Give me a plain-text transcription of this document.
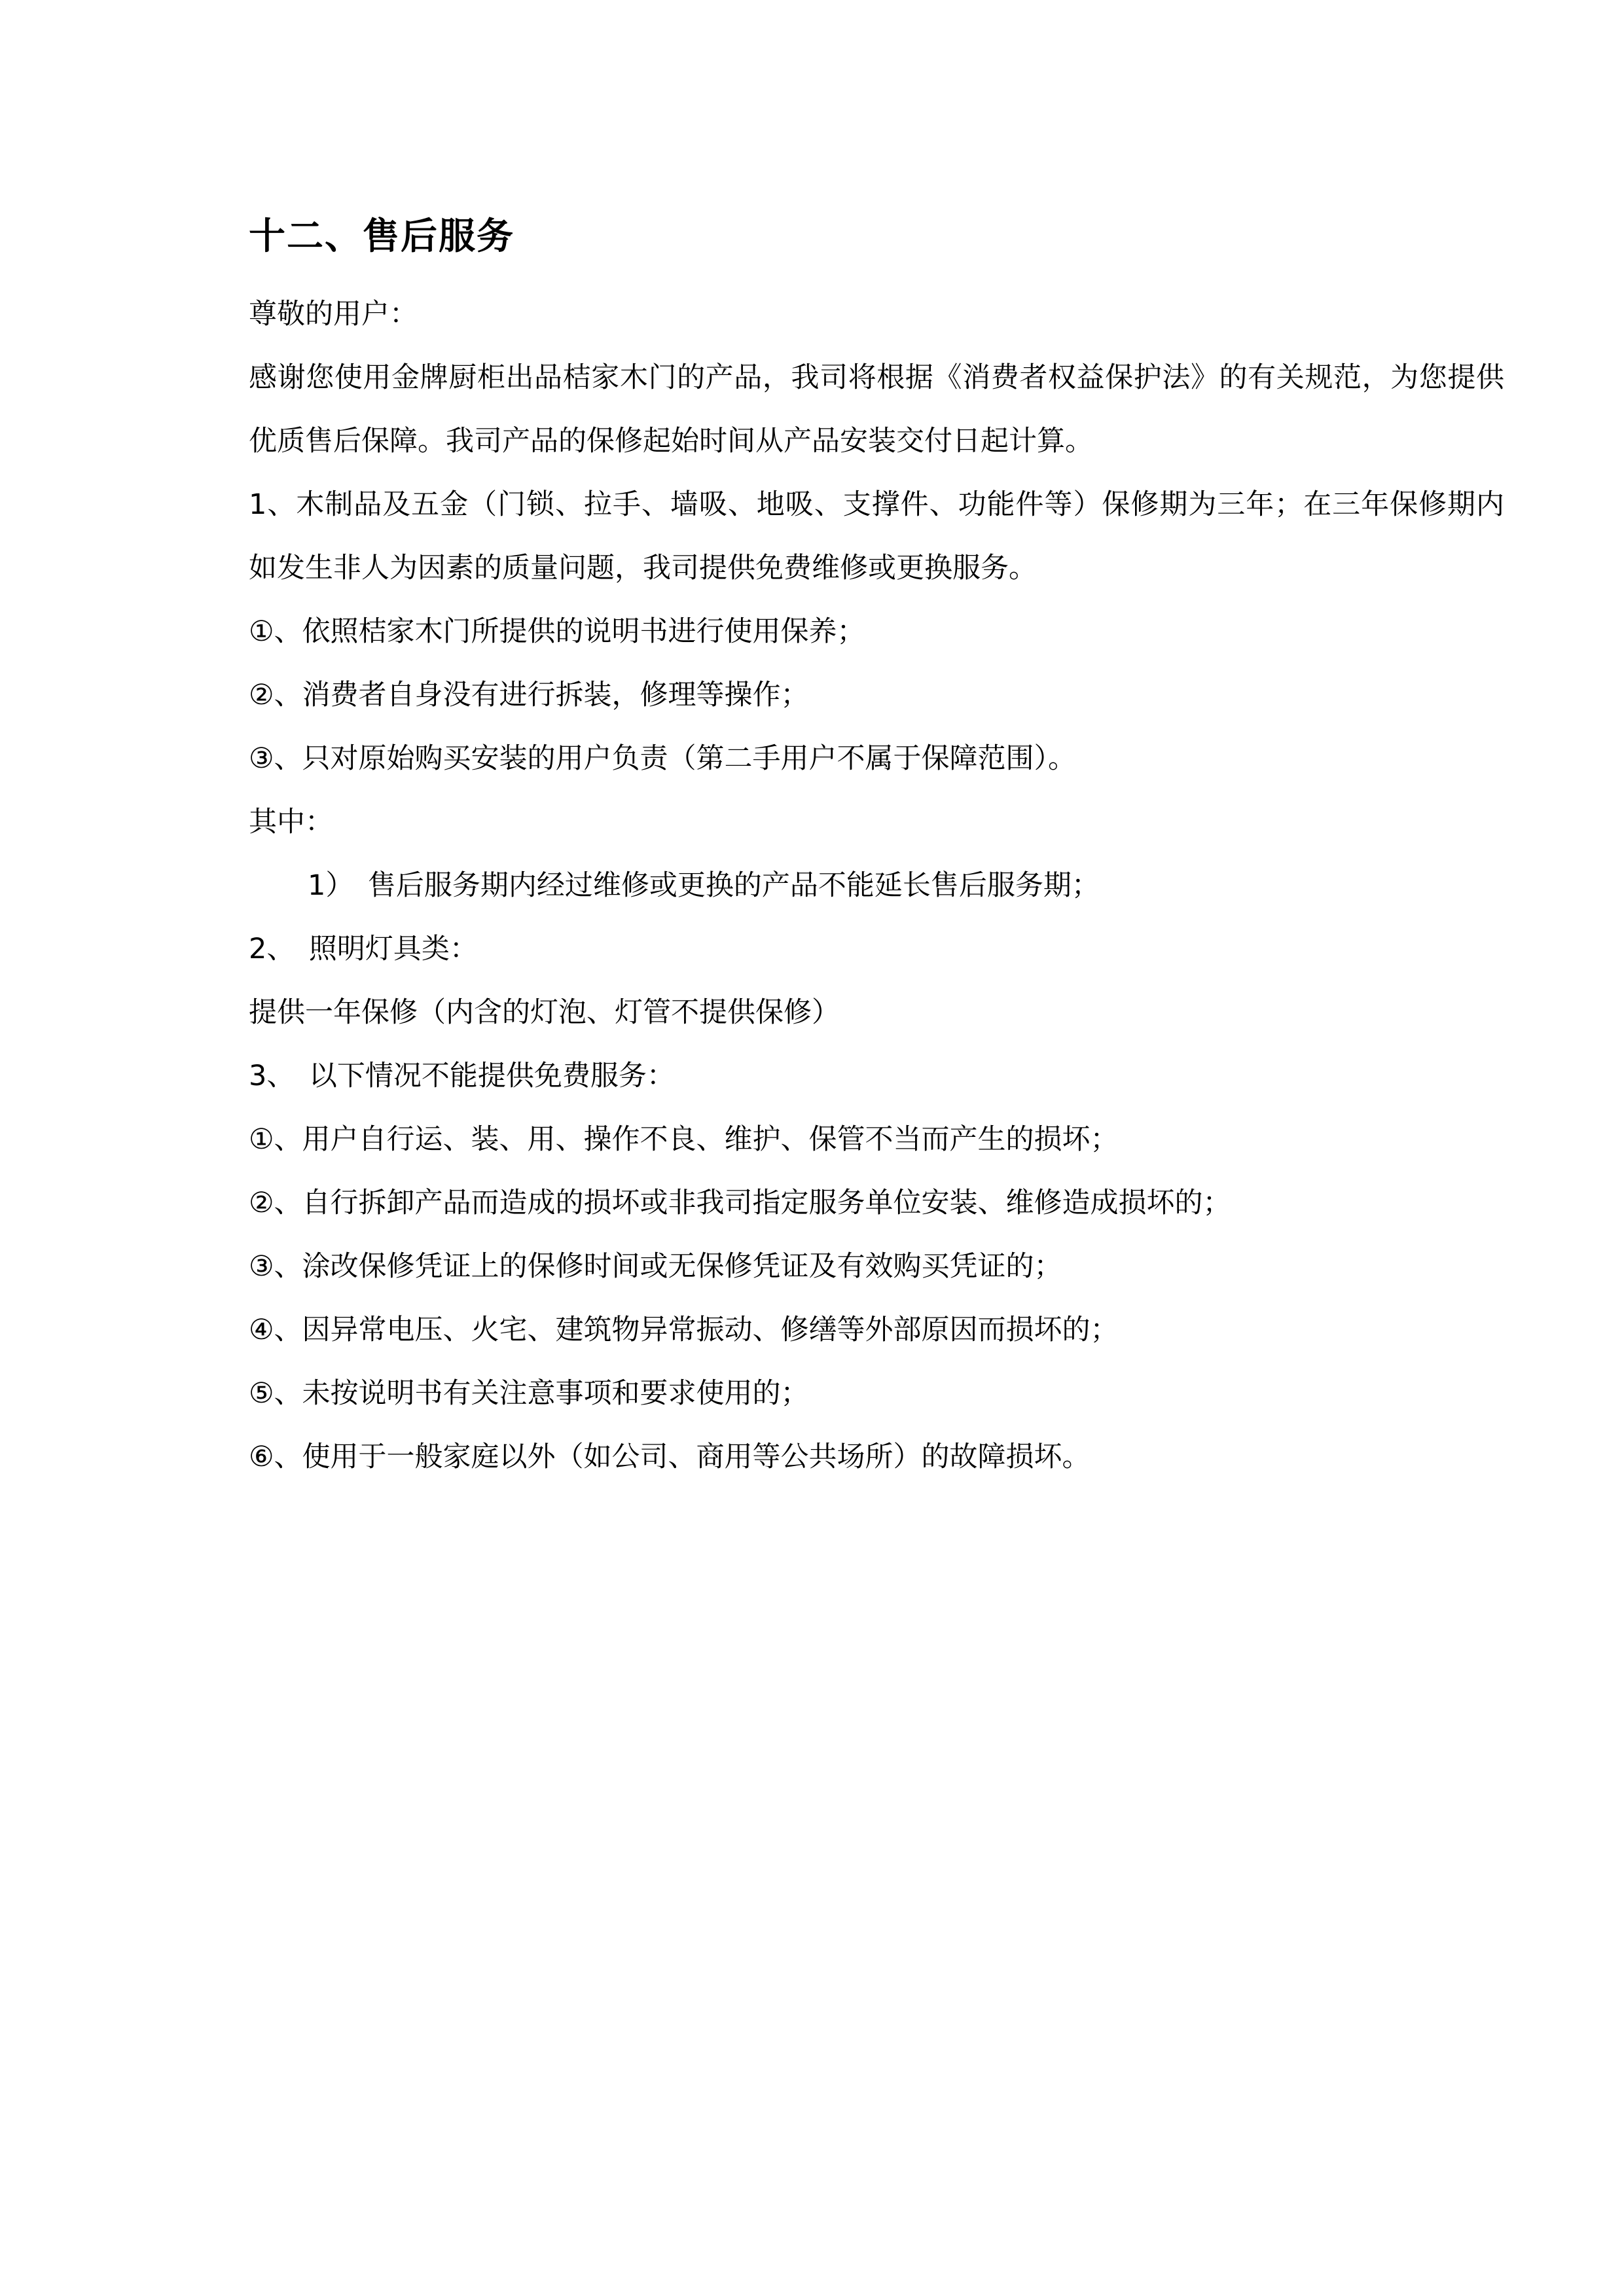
十二、售后服务

尊敬的用户：

感谢您使用金牌厨柜出品桔家木门的产品，我司将根据《消费者权益保护法》的有关规范，为您提供优质售后保障。我司产品的保修起始时间从产品安装交付日起计算。

1、木制品及五金（门锁、拉手、墙吸、地吸、支撑件、功能件等）保修期为三年；在三年保修期内如发生非人为因素的质量问题，我司提供免费维修或更换服务。

①、依照桔家木门所提供的说明书进行使用保养；

②、消费者自身没有进行拆装，修理等操作；

③、只对原始购买安装的用户负责（第二手用户不属于保障范围）。

其中：

1）　售后服务期内经过维修或更换的产品不能延长售后服务期；

2、　照明灯具类：

提供一年保修（内含的灯泡、灯管不提供保修）

3、　以下情况不能提供免费服务：

①、用户自行运、装、用、操作不良、维护、保管不当而产生的损坏；

②、自行拆卸产品而造成的损坏或非我司指定服务单位安装、维修造成损坏的；

③、涂改保修凭证上的保修时间或无保修凭证及有效购买凭证的；

④、因异常电压、火宅、建筑物异常振动、修缮等外部原因而损坏的；

⑤、未按说明书有关注意事项和要求使用的；

⑥、使用于一般家庭以外（如公司、商用等公共场所）的故障损坏。
